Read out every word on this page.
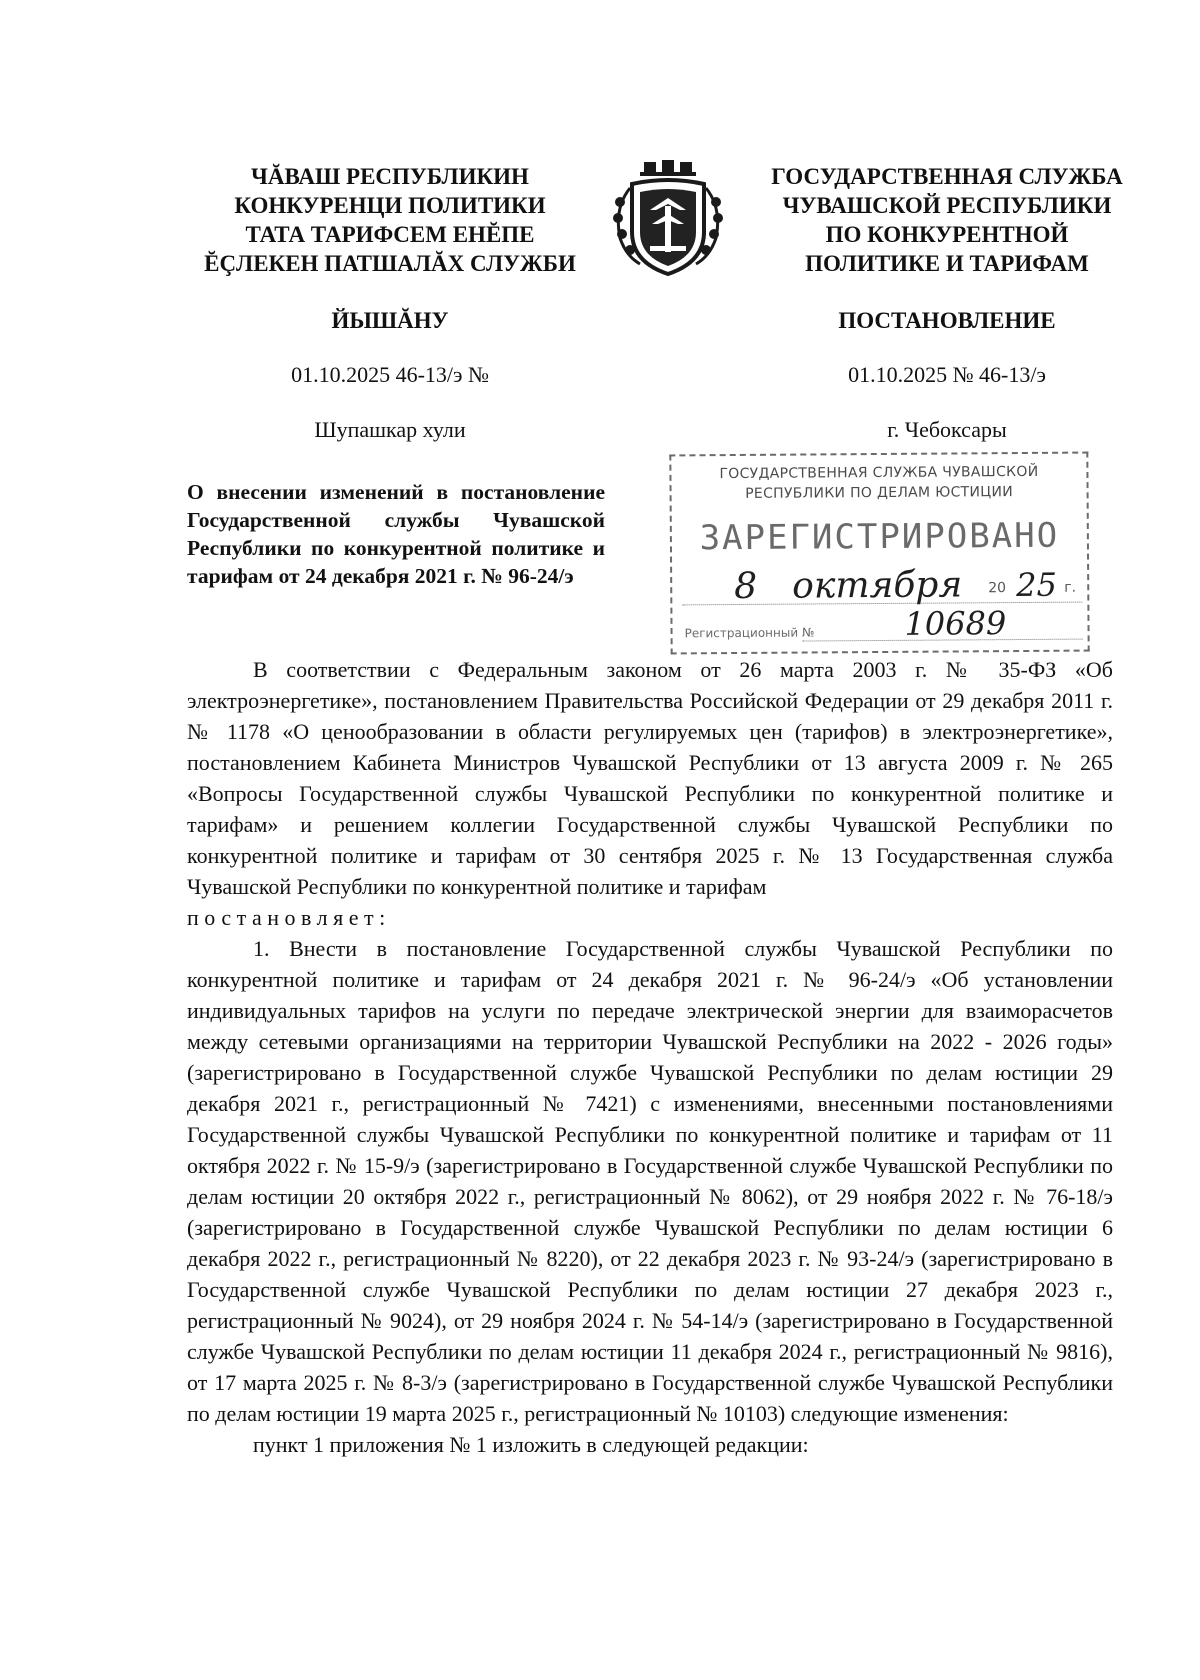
ЧĂВАШ РЕСПУБЛИКИН
КОНКУРЕНЦИ ПОЛИТИКИ
ТАТА ТАРИФСЕМ ЕНĔПЕ
ĔÇЛЕКЕН ПАТШАЛĂХ СЛУЖБИ
ГОСУДАРСТВЕННАЯ СЛУЖБА
ЧУВАШСКОЙ РЕСПУБЛИКИ
ПО КОНКУРЕНТНОЙ
ПОЛИТИКЕ И ТАРИФАМ
ЙЫШĂНУ	ПОСТАНОВЛЕНИЕ
01.10.2025 46-13/э №	01.10.2025 № 46-13/э
Шупашкар хули	г. Чебоксары
О внесении изменений в постановление Государственной службы Чувашской Республики по конкурентной политике и тарифам от 24 декабря 2021 г. № 96-24/э
ГОСУДАРСТВЕННАЯ СЛУЖБА ЧУВАШСКОЙ
РЕСПУБЛИКИ ПО ДЕЛАМ ЮСТИЦИИ
ЗАРЕГИСТРИРОВАНО
8 октября 20 25 г.
Регистрационный №	10689

В соответствии с Федеральным законом от 26 марта 2003 г. № 35-ФЗ «Об электроэнергетике», постановлением Правительства Российской Федерации от 29 декабря 2011 г. № 1178 «О ценообразовании в области регулируемых цен (тарифов) в электроэнергетике», постановлением Кабинета Министров Чувашской Республики от 13 августа 2009 г. № 265 «Вопросы Государственной службы Чувашской Республики по конкурентной политике и тарифам» и решением коллегии Государственной службы Чувашской Республики по конкурентной политике и тарифам от 30 сентября 2025 г. № 13 Государственная служба Чувашской Республики по конкурентной политике и тарифам

постановляет:

1. Внести в постановление Государственной службы Чувашской Республики по конкурентной политике и тарифам от 24 декабря 2021 г. № 96-24/э «Об установлении индивидуальных тарифов на услуги по передаче электрической энергии для взаиморасчетов между сетевыми организациями на территории Чувашской Республики на 2022 - 2026 годы» (зарегистрировано в Государственной службе Чувашской Республики по делам юстиции 29 декабря 2021 г., регистрационный № 7421) с изменениями, внесенными постановлениями Государственной службы Чувашской Республики по конкурентной политике и тарифам от 11 октября 2022 г. № 15-9/э (зарегистрировано в Государственной службе Чувашской Республики по делам юстиции 20 октября 2022 г., регистрационный № 8062), от 29 ноября 2022 г. № 76-18/э (зарегистрировано в Государственной службе Чувашской Республики по делам юстиции 6 декабря 2022 г., регистрационный № 8220), от 22 декабря 2023 г. № 93-24/э (зарегистрировано в Государственной службе Чувашской Республики по делам юстиции 27 декабря 2023 г., регистрационный № 9024), от 29 ноября 2024 г. № 54-14/э (зарегистрировано в Государственной службе Чувашской Республики по делам юстиции 11 декабря 2024 г., регистрационный № 9816), от 17 марта 2025 г. № 8-3/э (зарегистрировано в Государственной службе Чувашской Республики по делам юстиции 19 марта 2025 г., регистрационный № 10103) следующие изменения:

пункт 1 приложения № 1 изложить в следующей редакции:
